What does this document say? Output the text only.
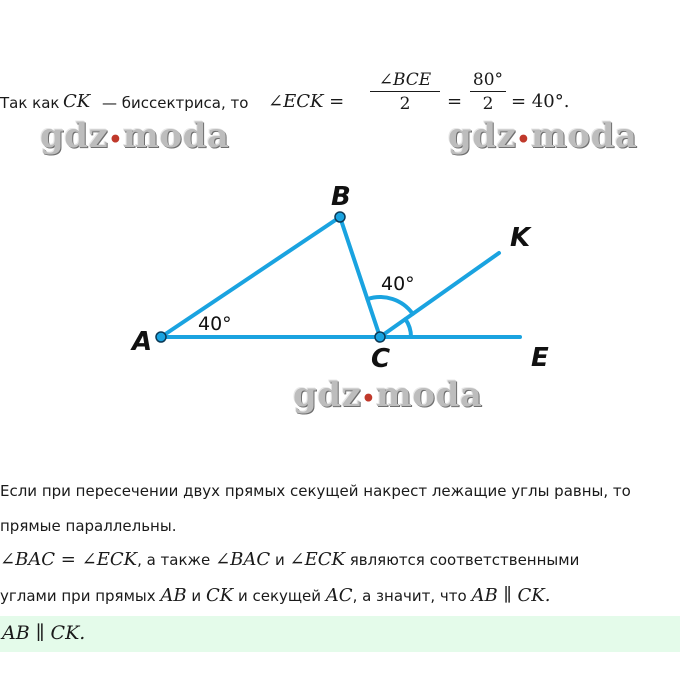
Так как CK — биссектриса, то ∠ECK =
∠BCE
2	=
80°
2 = 40°.
gdz•moda	gdz•moda
A
B
C
K
E
40°
40°
gdz•moda
Если при пересечении двух прямых секущей накрест лежащие углы равны, то
прямые параллельны.
∠BAC = ∠ECK, а также ∠BAC и ∠ECK являются соответственными
углами при прямых AB и CK и секущей AC, а значит, что AB ∥ CK.
AB ∥ CK.
